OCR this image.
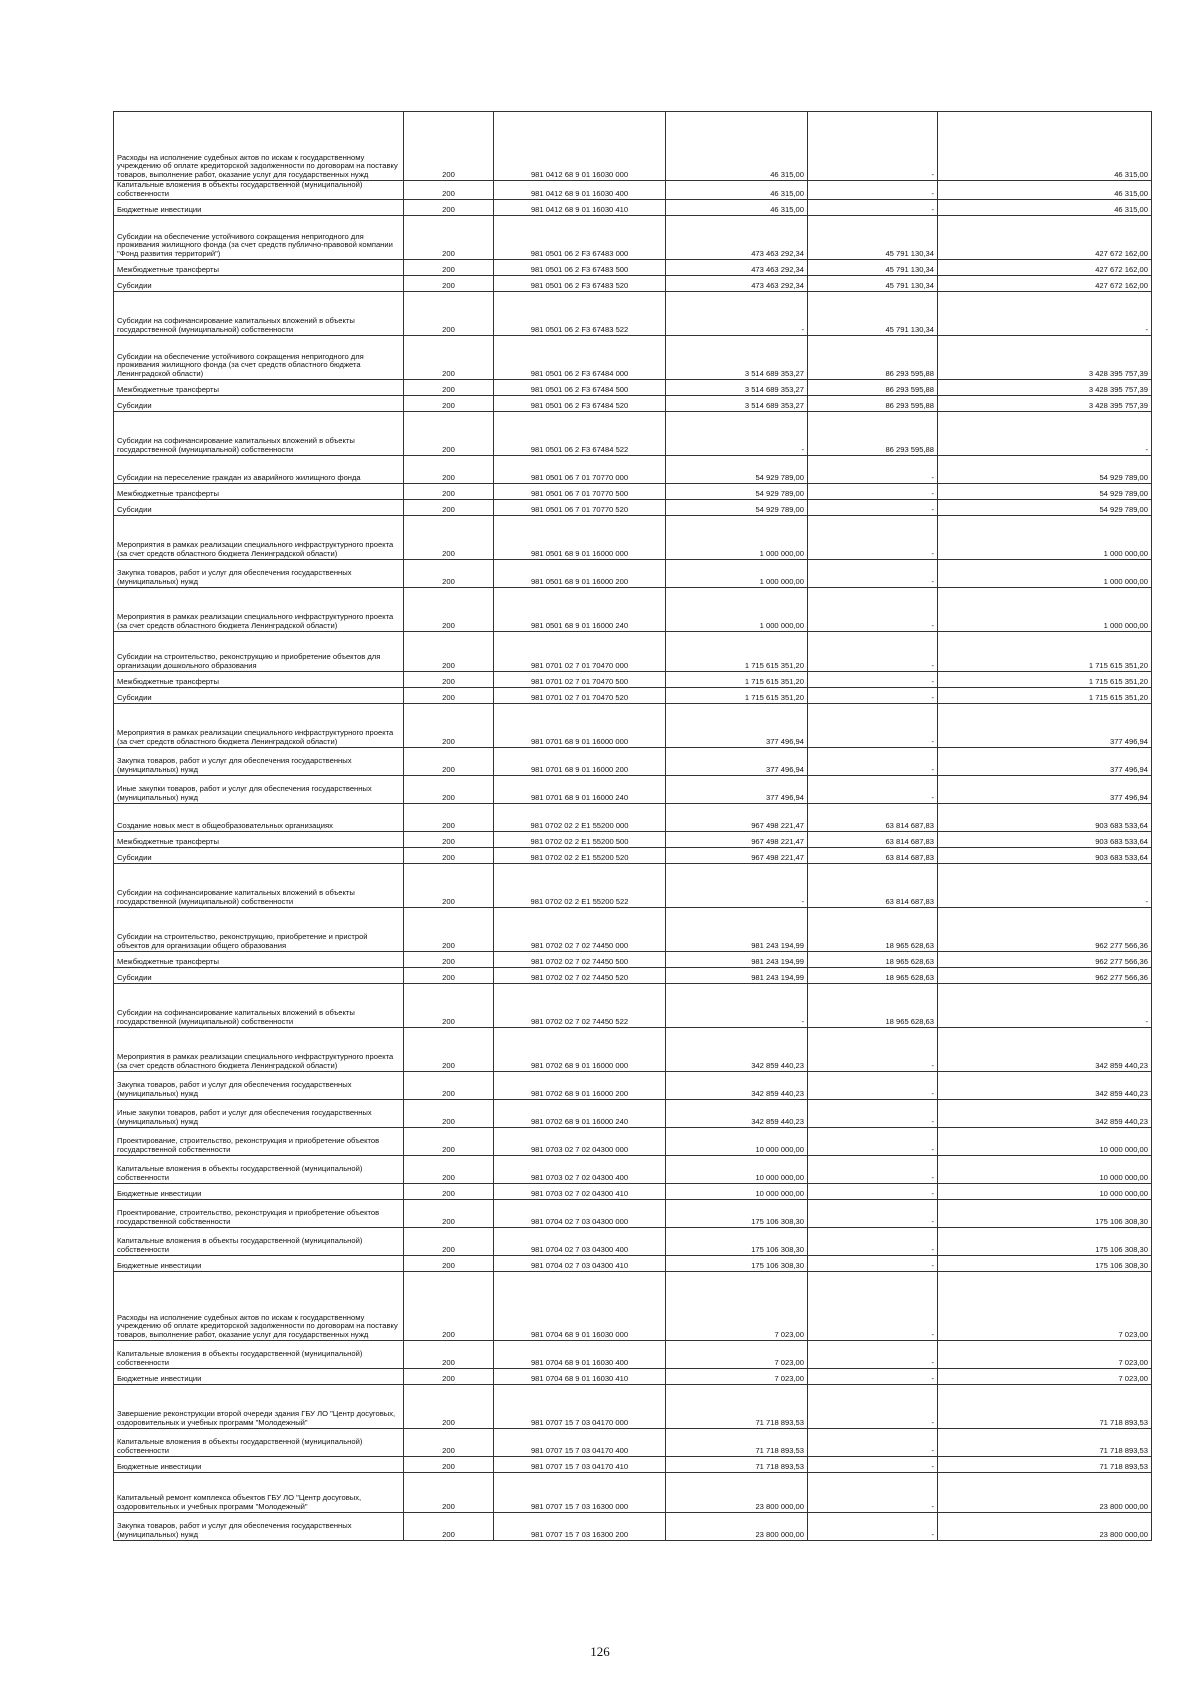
Расходы на исполнение судебных актов по искам к государственному учреждению об оплате кредиторской задолженности по договорам на поставку товаров, выполнение работ, оказание услуг для государственных нужд	200	981 0412 68 9 01 16030 000	46 315,00	-	46 315,00
Капитальные вложения в объекты государственной (муниципальной) собственности	200	981 0412 68 9 01 16030 400	46 315,00	-	46 315,00
Бюджетные инвестиции	200	981 0412 68 9 01 16030 410	46 315,00	-	46 315,00
Субсидии на обеспечение устойчивого сокращения непригодного для проживания жилищного фонда (за счет средств публично-правовой компании "Фонд развития территорий")	200	981 0501 06 2 F3 67483 000	473 463 292,34	45 791 130,34	427 672 162,00
Межбюджетные трансферты	200	981 0501 06 2 F3 67483 500	473 463 292,34	45 791 130,34	427 672 162,00
Субсидии	200	981 0501 06 2 F3 67483 520	473 463 292,34	45 791 130,34	427 672 162,00
Субсидии на софинансирование капитальных вложений в объекты государственной (муниципальной) собственности	200	981 0501 06 2 F3 67483 522	-	45 791 130,34	-
Субсидии на обеспечение устойчивого сокращения непригодного для проживания жилищного фонда (за счет средств областного бюджета Ленинградской области)	200	981 0501 06 2 F3 67484 000	3 514 689 353,27	86 293 595,88	3 428 395 757,39
Межбюджетные трансферты	200	981 0501 06 2 F3 67484 500	3 514 689 353,27	86 293 595,88	3 428 395 757,39
Субсидии	200	981 0501 06 2 F3 67484 520	3 514 689 353,27	86 293 595,88	3 428 395 757,39
Субсидии на софинансирование капитальных вложений в объекты государственной (муниципальной) собственности	200	981 0501 06 2 F3 67484 522	-	86 293 595,88	-
Субсидии на переселение граждан из аварийного жилищного фонда	200	981 0501 06 7 01 70770 000	54 929 789,00	-	54 929 789,00
Межбюджетные трансферты	200	981 0501 06 7 01 70770 500	54 929 789,00	-	54 929 789,00
Субсидии	200	981 0501 06 7 01 70770 520	54 929 789,00	-	54 929 789,00
Мероприятия в рамках реализации специального инфраструктурного проекта (за счет средств областного бюджета Ленинградской области)	200	981 0501 68 9 01 16000 000	1 000 000,00	-	1 000 000,00
Закупка товаров, работ и услуг для обеспечения государственных (муниципальных) нужд	200	981 0501 68 9 01 16000 200	1 000 000,00	-	1 000 000,00
Мероприятия в рамках реализации специального инфраструктурного проекта (за счет средств областного бюджета Ленинградской области)	200	981 0501 68 9 01 16000 240	1 000 000,00	-	1 000 000,00
Субсидии на строительство, реконструкцию и приобретение объектов для организации дошкольного образования	200	981 0701 02 7 01 70470 000	1 715 615 351,20	-	1 715 615 351,20
Межбюджетные трансферты	200	981 0701 02 7 01 70470 500	1 715 615 351,20	-	1 715 615 351,20
Субсидии	200	981 0701 02 7 01 70470 520	1 715 615 351,20	-	1 715 615 351,20
Мероприятия в рамках реализации специального инфраструктурного проекта (за счет средств областного бюджета Ленинградской области)	200	981 0701 68 9 01 16000 000	377 496,94	-	377 496,94
Закупка товаров, работ и услуг для обеспечения государственных (муниципальных) нужд	200	981 0701 68 9 01 16000 200	377 496,94	-	377 496,94
Иные закупки товаров, работ и услуг для обеспечения государственных (муниципальных) нужд	200	981 0701 68 9 01 16000 240	377 496,94	-	377 496,94
Создание новых мест в общеобразовательных организациях	200	981 0702 02 2 E1 55200 000	967 498 221,47	63 814 687,83	903 683 533,64
Межбюджетные трансферты	200	981 0702 02 2 E1 55200 500	967 498 221,47	63 814 687,83	903 683 533,64
Субсидии	200	981 0702 02 2 E1 55200 520	967 498 221,47	63 814 687,83	903 683 533,64
Субсидии на софинансирование капитальных вложений в объекты государственной (муниципальной) собственности	200	981 0702 02 2 E1 55200 522	-	63 814 687,83	-
Субсидии на строительство, реконструкцию, приобретение и пристрой объектов для организации общего образования	200	981 0702 02 7 02 74450 000	981 243 194,99	18 965 628,63	962 277 566,36
Межбюджетные трансферты	200	981 0702 02 7 02 74450 500	981 243 194,99	18 965 628,63	962 277 566,36
Субсидии	200	981 0702 02 7 02 74450 520	981 243 194,99	18 965 628,63	962 277 566,36
Субсидии на софинансирование капитальных вложений в объекты государственной (муниципальной) собственности	200	981 0702 02 7 02 74450 522	-	18 965 628,63	-
Мероприятия в рамках реализации специального инфраструктурного проекта (за счет средств областного бюджета Ленинградской области)	200	981 0702 68 9 01 16000 000	342 859 440,23	-	342 859 440,23
Закупка товаров, работ и услуг для обеспечения государственных (муниципальных) нужд	200	981 0702 68 9 01 16000 200	342 859 440,23	-	342 859 440,23
Иные закупки товаров, работ и услуг для обеспечения государственных (муниципальных) нужд	200	981 0702 68 9 01 16000 240	342 859 440,23	-	342 859 440,23
Проектирование, строительство, реконструкция и приобретение объектов государственной собственности	200	981 0703 02 7 02 04300 000	10 000 000,00	-	10 000 000,00
Капитальные вложения в объекты государственной (муниципальной) собственности	200	981 0703 02 7 02 04300 400	10 000 000,00	-	10 000 000,00
Бюджетные инвестиции	200	981 0703 02 7 02 04300 410	10 000 000,00	-	10 000 000,00
Проектирование, строительство, реконструкция и приобретение объектов государственной собственности	200	981 0704 02 7 03 04300 000	175 106 308,30	-	175 106 308,30
Капитальные вложения в объекты государственной (муниципальной) собственности	200	981 0704 02 7 03 04300 400	175 106 308,30	-	175 106 308,30
Бюджетные инвестиции	200	981 0704 02 7 03 04300 410	175 106 308,30	-	175 106 308,30
Расходы на исполнение судебных актов по искам к государственному учреждению об оплате кредиторской задолженности по договорам на поставку товаров, выполнение работ, оказание услуг для государственных нужд	200	981 0704 68 9 01 16030 000	7 023,00	-	7 023,00
Капитальные вложения в объекты государственной (муниципальной) собственности	200	981 0704 68 9 01 16030 400	7 023,00	-	7 023,00
Бюджетные инвестиции	200	981 0704 68 9 01 16030 410	7 023,00	-	7 023,00
Завершение реконструкции второй очереди здания ГБУ ЛО "Центр досуговых, оздоровительных и учебных программ "Молодежный"	200	981 0707 15 7 03 04170 000	71 718 893,53	-	71 718 893,53
Капитальные вложения в объекты государственной (муниципальной) собственности	200	981 0707 15 7 03 04170 400	71 718 893,53	-	71 718 893,53
Бюджетные инвестиции	200	981 0707 15 7 03 04170 410	71 718 893,53	-	71 718 893,53
Капитальный ремонт комплекса объектов ГБУ ЛО "Центр досуговых, оздоровительных и учебных программ "Молодежный"	200	981 0707 15 7 03 16300 000	23 800 000,00	-	23 800 000,00
Закупка товаров, работ и услуг для обеспечения государственных (муниципальных) нужд	200	981 0707 15 7 03 16300 200	23 800 000,00	-	23 800 000,00
126
